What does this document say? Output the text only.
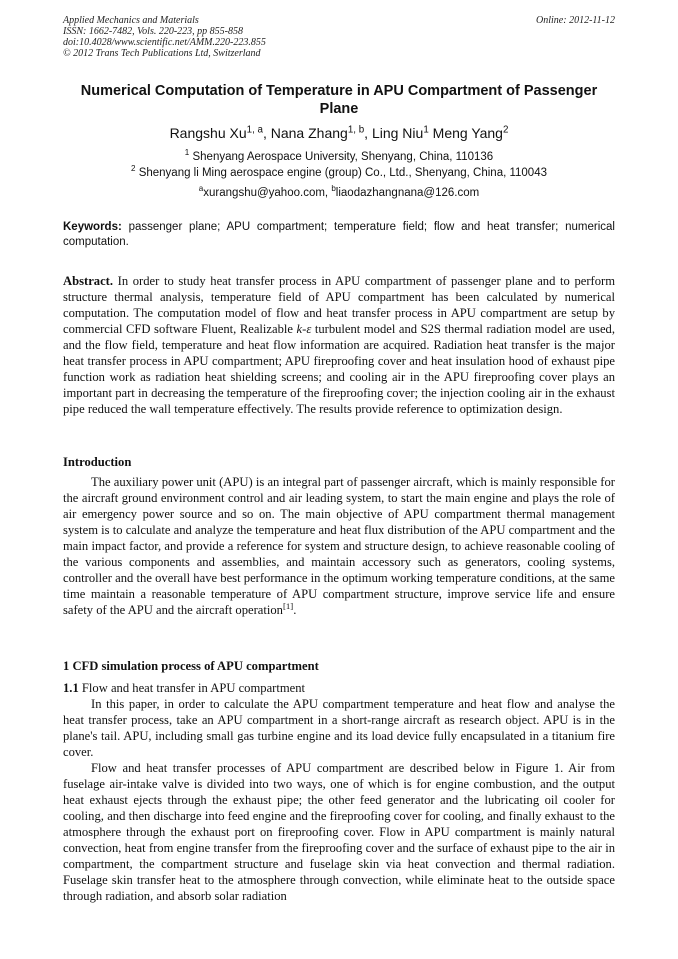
Applied Mechanics and Materials
ISSN: 1662-7482, Vols. 220-223, pp 855-858
doi:10.4028/www.scientific.net/AMM.220-223.855
© 2012 Trans Tech Publications Ltd, Switzerland
Online: 2012-11-12
Numerical Computation of Temperature in APU Compartment of Passenger Plane
Rangshu Xu$^{1, a}$, Nana Zhang$^{1, b}$, Ling Niu$^1$ Meng Yang$^2$
$^1$ Shenyang Aerospace University, Shenyang, China, 110136
$^2$ Shenyang li Ming aerospace engine (group) Co., Ltd., Shenyang, China, 110043
$^a$xurangshu@yahoo.com, $^b$liaodazhangnana@126.com
Keywords: passenger plane; APU compartment; temperature field; flow and heat transfer; numerical computation.
Abstract. In order to study heat transfer process in APU compartment of passenger plane and to perform structure thermal analysis, temperature field of APU compartment has been calculated by numerical computation. The computation model of flow and heat transfer process in APU compartment are setup by commercial CFD software Fluent, Realizable k-ε turbulent model and S2S thermal radiation model are used, and the flow field, temperature and heat flow information are acquired. Radiation heat transfer is the major heat transfer process in APU compartment; APU fireproofing cover and heat insulation hood of exhaust pipe function work as radiation heat shielding screens; and cooling air in the APU fireproofing cover plays an important part in decreasing the temperature of the fireproofing cover; the injection cooling air in the exhaust pipe reduced the wall temperature effectively. The results provide reference to optimization design.
Introduction
The auxiliary power unit (APU) is an integral part of passenger aircraft, which is mainly responsible for the aircraft ground environment control and air leading system, to start the main engine and plays the role of air emergency power source and so on. The main objective of APU compartment thermal management system is to calculate and analyze the temperature and heat flux distribution of the APU compartment and the main impact factor, and provide a reference for system and structure design, to achieve reasonable cooling of the various components and assemblies, and maintain accessory such as generators, cooling systems, controller and the overall have best performance in the optimum working temperature conditions, at the same time maintain a reasonable temperature of APU compartment structure, improve service life and ensure safety of the APU and the aircraft operation[1].
1 CFD simulation process of APU compartment
1.1 Flow and heat transfer in APU compartment
In this paper, in order to calculate the APU compartment temperature and heat flow and analyse the heat transfer process, take an APU compartment in a short-range aircraft as research object. APU is in the plane's tail. APU, including small gas turbine engine and its load device fully encapsulated in a titanium fire cover.
Flow and heat transfer processes of APU compartment are described below in Figure 1. Air from fuselage air-intake valve is divided into two ways, one of which is for engine combustion, and the output heat exhaust ejects through the exhaust pipe; the other feed generator and the lubricating oil cooler for cooling, and then discharge into feed engine and the fireproofing cover for cooling, and finally exhaust to the atmosphere through the exhaust port on fireproofing cover. Flow in APU compartment is mainly natural convection, heat from engine transfer from the fireproofing cover and the surface of exhaust pipe to the air in compartment, the compartment structure and fuselage skin via heat convection and thermal radiation. Fuselage skin transfer heat to the atmosphere through convection, while eliminate heat to the outside space through radiation, and absorb solar radiation
